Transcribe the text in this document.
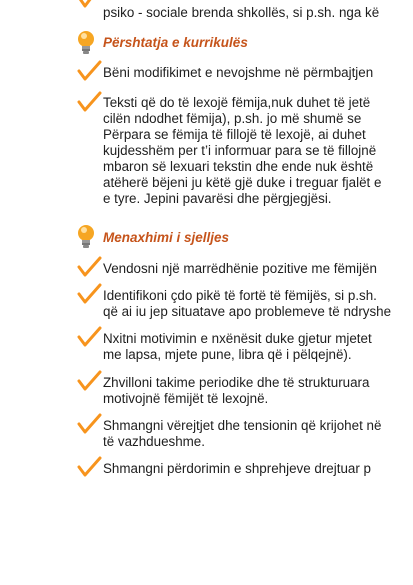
psiko - sociale brenda shkollës, si p.sh. nga kë
Përshtatja e kurrikulës
Bëni modifikimet e nevojshme në përmbajtjen
Teksti që do të lexojë fëmija,nuk duhet të jetë
cilën ndodhet fëmija), p.sh. jo më shumë se
Përpara se fëmija të fillojë të lexojë, ai duhet
kujdesshëm per t’i informuar para se të fillojnë
mbaron së lexuari tekstin dhe ende nuk është
atëherë bëjeni ju këtë gjë duke i treguar fjalët e
e tyre. Jepini pavarësi dhe përgjegjësi.
Menaxhimi i sjelljes
Vendosni një marrëdhënie pozitive me fëmijën
Identifikoni çdo pikë të fortë të fëmijës, si p.sh.
që ai iu jep situatave apo problemeve të ndryshe
Nxitni motivimin e nxënësit duke gjetur mjetet
me lapsa, mjete pune, libra që i pëlqejnë).
Zhvilloni takime periodike dhe të strukturuara
motivojnë fëmijët të lexojnë.
Shmangni vërejtjet dhe tensionin që krijohet në
të vazhdueshme.
Shmangni përdorimin e shprehjeve drejtuar p
